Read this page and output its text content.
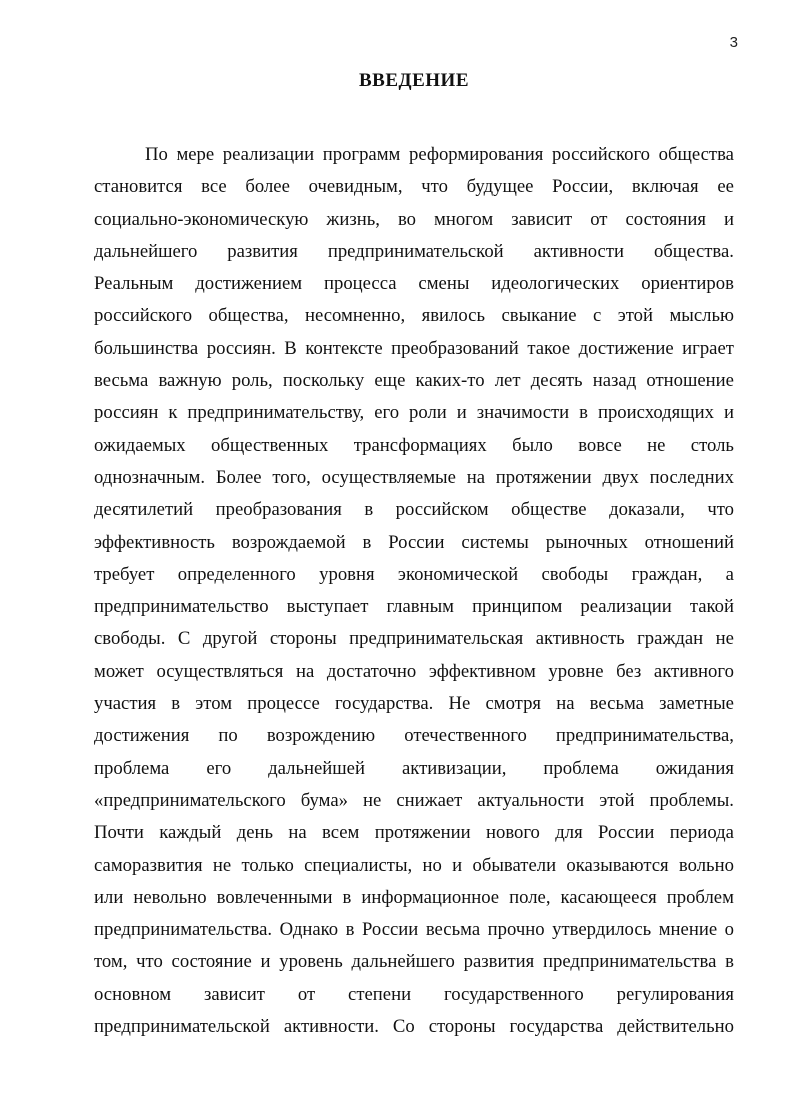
3
ВВЕДЕНИЕ
По мере реализации программ реформирования российского общества
становится все более очевидным, что будущее России, включая ее
социально-экономическую жизнь, во многом зависит от состояния и
дальнейшего развития предпринимательской активности общества.
Реальным достижением процесса смены идеологических ориентиров
российского общества, несомненно, явилось свыкание с этой мыслью
большинства россиян. В контексте преобразований такое достижение играет
весьма важную роль, поскольку еще каких-то лет десять назад отношение
россиян к предпринимательству, его роли и значимости в происходящих и
ожидаемых общественных трансформациях было вовсе не столь
однозначным. Более того, осуществляемые на протяжении двух последних
десятилетий преобразования в российском обществе доказали, что
эффективность возрождаемой в России системы рыночных отношений
требует определенного уровня экономической свободы граждан, а
предпринимательство выступает главным принципом реализации такой
свободы. С другой стороны предпринимательская активность граждан не
может осуществляться на достаточно эффективном уровне без активного
участия в этом процессе государства. Не смотря на весьма заметные
достижения по возрождению отечественного предпринимательства,
проблема его дальнейшей активизации, проблема ожидания
«предпринимательского бума» не снижает актуальности этой проблемы.
Почти каждый день на всем протяжении нового для России периода
саморазвития не только специалисты, но и обыватели оказываются вольно
или невольно вовлеченными в информационное поле, касающееся проблем
предпринимательства. Однако в России весьма прочно утвердилось мнение о
том, что состояние и уровень дальнейшего развития предпринимательства в
основном зависит от степени государственного регулирования
предпринимательской активности. Со стороны государства действительно
